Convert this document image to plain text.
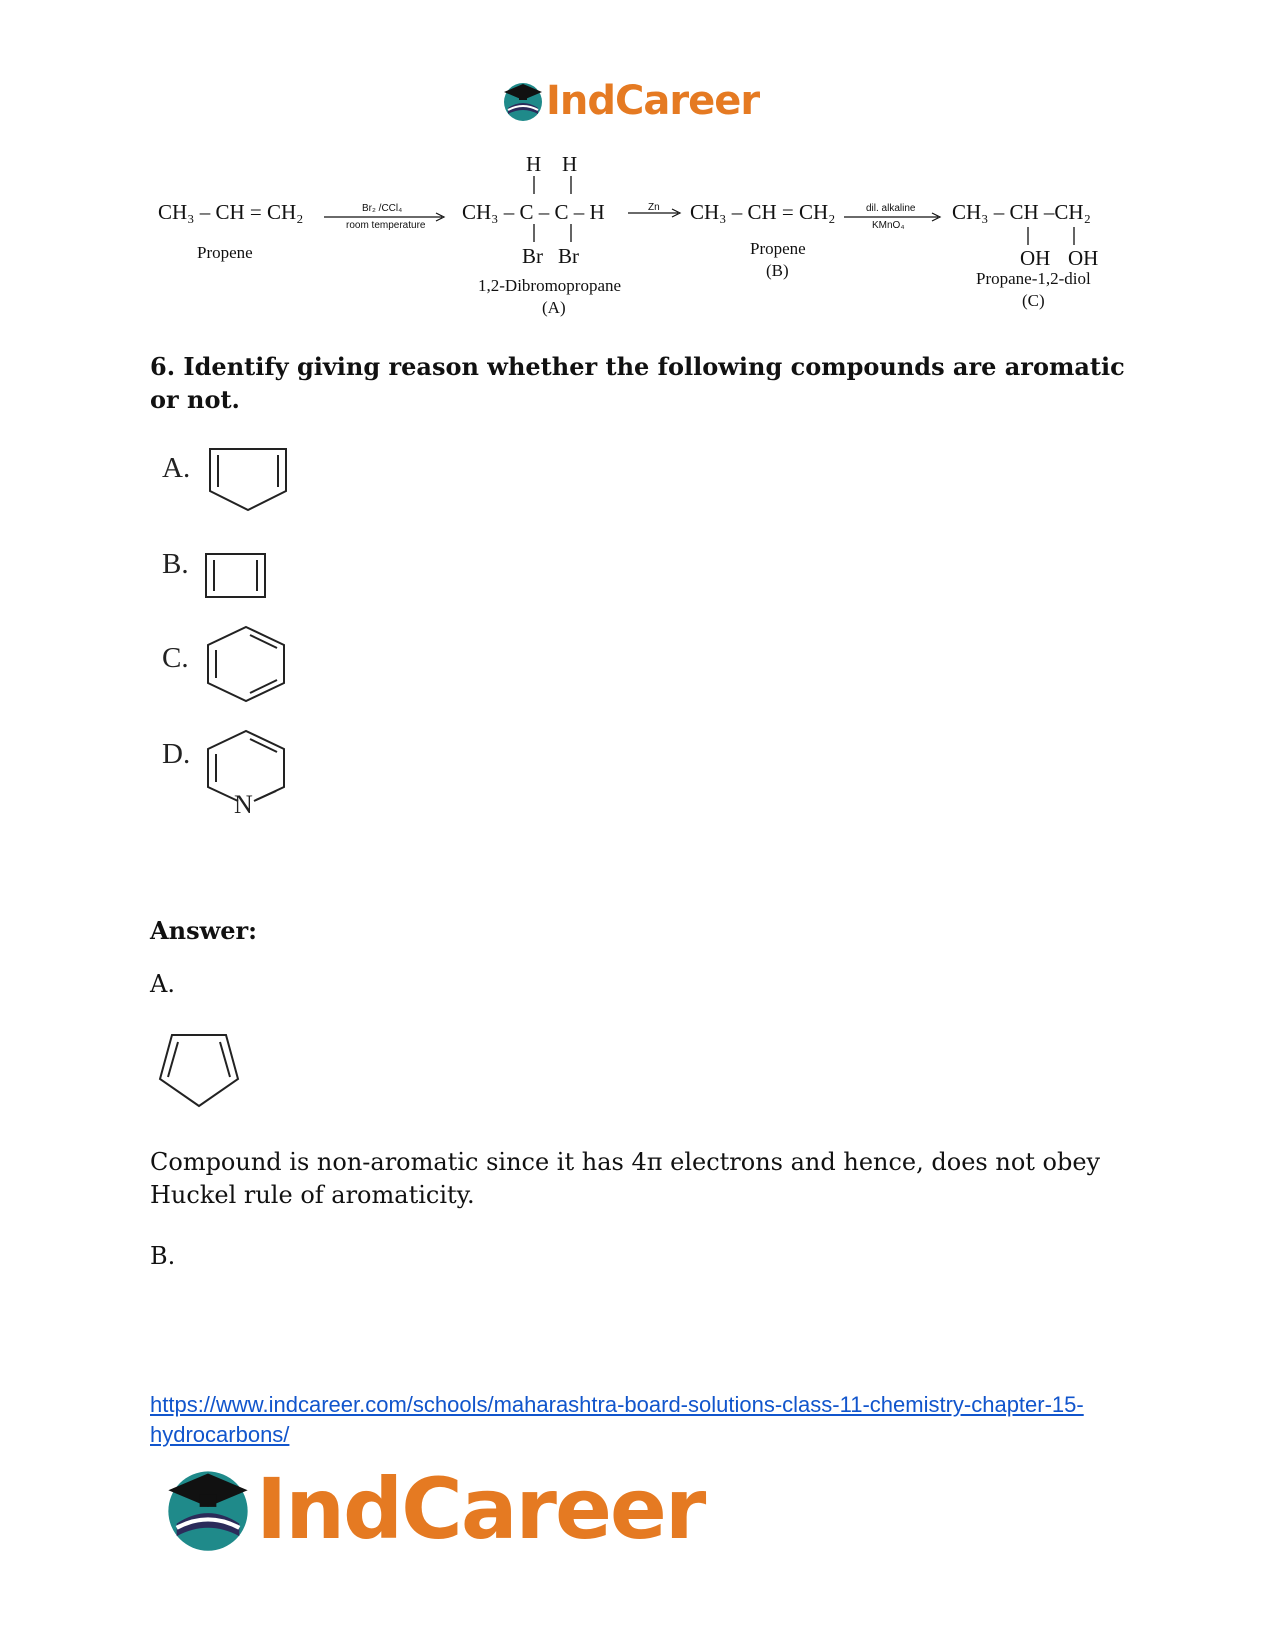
IndCareer
CH₃ – CH = CH₂
Propene
Br₂ /CCl₄
room temperature
H H
CH₃ – C – C – H
Br Br
1,2-Dibromopropane
(A)
Zn → CH₃ – CH = CH₂
Propene
(B)
dil. alkaline
KMnO₄
CH₃ – CH –CH₂
OH OH
Propane-1,2-diol
(C)
6. Identify giving reason whether the following compounds are aromatic or not.
A.
B.
C.
D.
N
Answer:
A.
Compound is non-aromatic since it has 4π electrons and hence, does not obey Huckel rule of aromaticity.
B.
https://www.indcareer.com/schools/maharashtra-board-solutions-class-11-chemistry-chapter-15-hydrocarbons/
IndCareer
